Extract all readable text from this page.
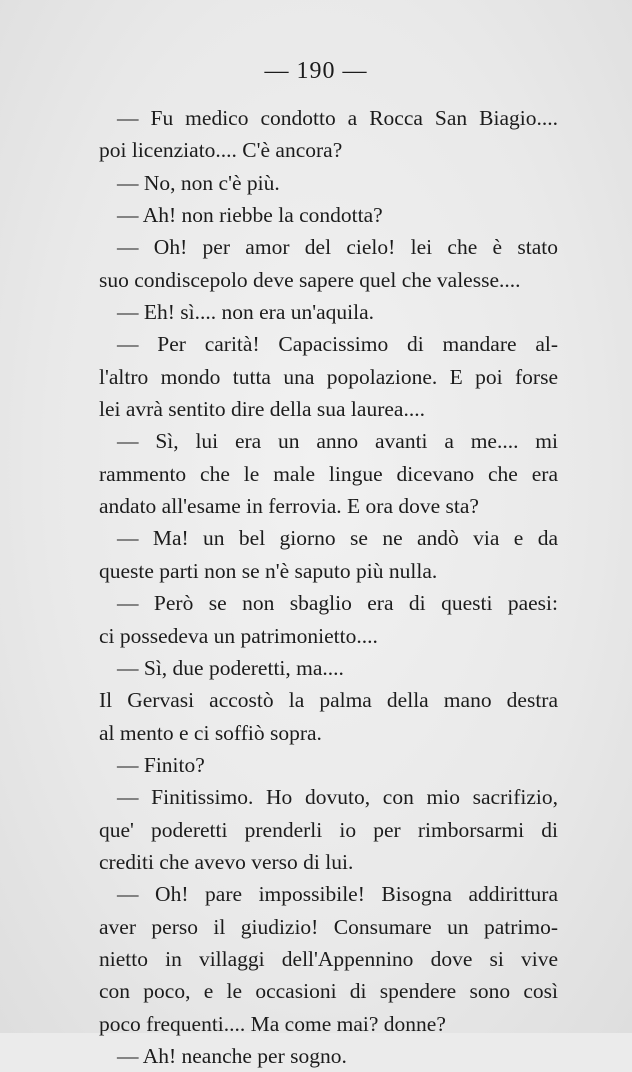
— 190 —
— Fu medico condotto a Rocca San Biagio....
poi licenziato.... C'è ancora?
— No, non c'è più.
— Ah! non riebbe la condotta?
— Oh! per amor del cielo! lei che è stato
suo condiscepolo deve sapere quel che valesse....
— Eh! sì.... non era un'aquila.
— Per carità! Capacissimo di mandare al-
l'altro mondo tutta una popolazione. E poi forse
lei avrà sentito dire della sua laurea....
— Sì, lui era un anno avanti a me.... mi
rammento che le male lingue dicevano che era
andato all'esame in ferrovia. E ora dove sta?
— Ma! un bel giorno se ne andò via e da
queste parti non se n'è saputo più nulla.
— Però se non sbaglio era di questi paesi:
ci possedeva un patrimonietto....
— Sì, due poderetti, ma....
Il Gervasi accostò la palma della mano destra
al mento e ci soffiò sopra.
— Finito?
— Finitissimo. Ho dovuto, con mio sacrifizio,
que' poderetti prenderli io per rimborsarmi di
crediti che avevo verso di lui.
— Oh! pare impossibile! Bisogna addirittura
aver perso il giudizio! Consumare un patrimo-
nietto in villaggi dell'Appennino dove si vive
con poco, e le occasioni di spendere sono così
poco frequenti.... Ma come mai? donne?
— Ah! neanche per sogno.
